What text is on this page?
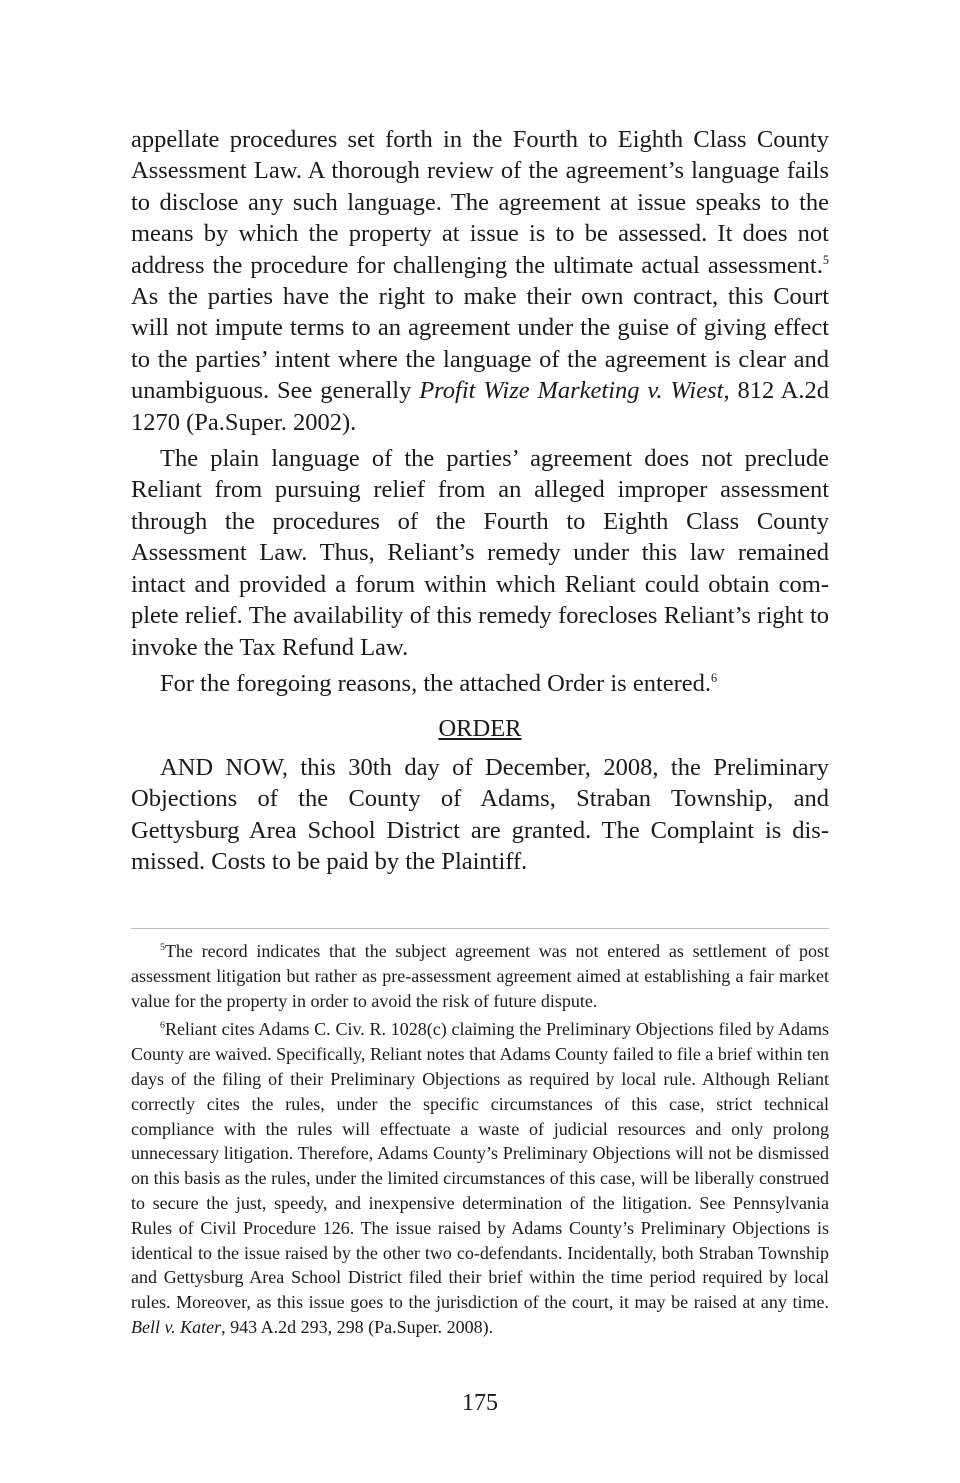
appellate procedures set forth in the Fourth to Eighth Class County Assessment Law. A thorough review of the agreement’s language fails to disclose any such language. The agreement at issue speaks to the means by which the property at issue is to be assessed. It does not address the procedure for challenging the ultimate actual assessment.$^5$ As the parties have the right to make their own contract, this Court will not impute terms to an agreement under the guise of giving effect to the parties’ intent where the language of the agreement is clear and unambiguous. See generally Profit Wize Marketing v. Wiest, 812 A.2d 1270 (Pa.Super. 2002).

The plain language of the parties’ agreement does not preclude Reliant from pursuing relief from an alleged improper assessment through the procedures of the Fourth to Eighth Class County Assessment Law. Thus, Reliant’s remedy under this law remained intact and provided a forum within which Reliant could obtain complete relief. The availability of this remedy forecloses Reliant’s right to invoke the Tax Refund Law.

For the foregoing reasons, the attached Order is entered.$^6$

ORDER

AND NOW, this 30th day of December, 2008, the Preliminary Objections of the County of Adams, Straban Township, and Gettysburg Area School District are granted. The Complaint is dismissed. Costs to be paid by the Plaintiff.

$^5$The record indicates that the subject agreement was not entered as settlement of post assessment litigation but rather as pre-assessment agreement aimed at establishing a fair market value for the property in order to avoid the risk of future dispute.

$^6$Reliant cites Adams C. Civ. R. 1028(c) claiming the Preliminary Objections filed by Adams County are waived. Specifically, Reliant notes that Adams County failed to file a brief within ten days of the filing of their Preliminary Objections as required by local rule. Although Reliant correctly cites the rules, under the specific circumstances of this case, strict technical compliance with the rules will effectuate a waste of judicial resources and only prolong unnecessary litigation. Therefore, Adams County’s Preliminary Objections will not be dismissed on this basis as the rules, under the limited circumstances of this case, will be liberally construed to secure the just, speedy, and inexpensive determination of the litigation. See Pennsylvania Rules of Civil Procedure 126. The issue raised by Adams County’s Preliminary Objections is identical to the issue raised by the other two co-defendants. Incidentally, both Straban Township and Gettysburg Area School District filed their brief within the time period required by local rules. Moreover, as this issue goes to the jurisdiction of the court, it may be raised at any time. Bell v. Kater, 943 A.2d 293, 298 (Pa.Super. 2008).

175
